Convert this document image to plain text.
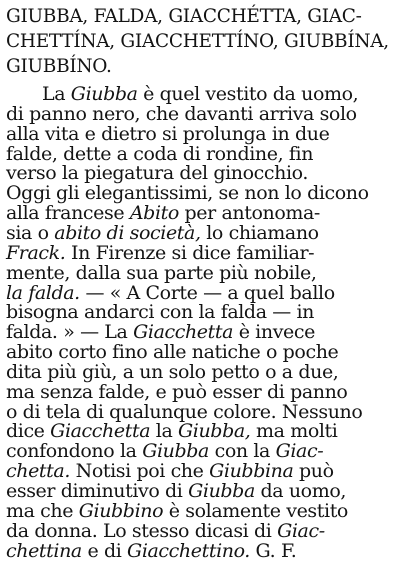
GIUBBA, FALDA, GIACCHÉTTA, GIAC-

CHETTÍNA, GIACCHETTÍNO, GIUBBÍNA,

GIUBBÍNO.

La Giubba è quel vestito da uomo,

di panno nero, che davanti arriva solo

alla vita e dietro si prolunga in due

falde, dette a coda di rondine, fin

verso la piegatura del ginocchio.

Oggi gli elegantissimi, se non lo dicono

alla francese Abito per antonoma-

sia o abito di società, lo chiamano

Frack. In Firenze si dice familiar-

mente, dalla sua parte più nobile,

la falda. — « A Corte — a quel ballo

bisogna andarci con la falda — in

falda. » — La Giacchetta è invece

abito corto fino alle natiche o poche

dita più giù, a un solo petto o a due,

ma senza falde, e può esser di panno

o di tela di qualunque colore. Nessuno

dice Giacchetta la Giubba, ma molti

confondono la Giubba con la Giac-

chetta. Notisi poi che Giubbina può

esser diminutivo di Giubba da uomo,

ma che Giubbino è solamente vestito

da donna. Lo stesso dicasi di Giac-

chettina e di Giacchettino. G. F.
